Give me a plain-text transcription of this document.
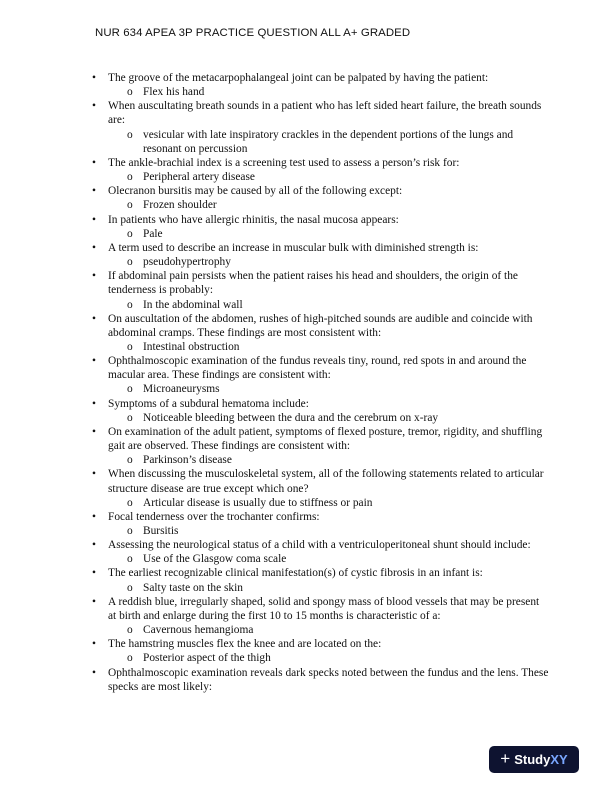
NUR 634 APEA 3P PRACTICE QUESTION ALL A+ GRADED
• The groove of the metacarpophalangeal joint can be palpated by having the patient:
o Flex his hand
• When auscultating breath sounds in a patient who has left sided heart failure, the breath sounds are:
o vesicular with late inspiratory crackles in the dependent portions of the lungs and resonant on percussion
• The ankle-brachial index is a screening test used to assess a person’s risk for:
o Peripheral artery disease
• Olecranon bursitis may be caused by all of the following except:
o Frozen shoulder
• In patients who have allergic rhinitis, the nasal mucosa appears:
o Pale
• A term used to describe an increase in muscular bulk with diminished strength is:
o pseudohypertrophy
• If abdominal pain persists when the patient raises his head and shoulders, the origin of the tenderness is probably:
o In the abdominal wall
• On auscultation of the abdomen, rushes of high-pitched sounds are audible and coincide with abdominal cramps. These findings are most consistent with:
o Intestinal obstruction
• Ophthalmoscopic examination of the fundus reveals tiny, round, red spots in and around the macular area. These findings are consistent with:
o Microaneurysms
• Symptoms of a subdural hematoma include:
o Noticeable bleeding between the dura and the cerebrum on x-ray
• On examination of the adult patient, symptoms of flexed posture, tremor, rigidity, and shuffling gait are observed. These findings are consistent with:
o Parkinson’s disease
• When discussing the musculoskeletal system, all of the following statements related to articular structure disease are true except which one?
o Articular disease is usually due to stiffness or pain
• Focal tenderness over the trochanter confirms:
o Bursitis
• Assessing the neurological status of a child with a ventriculoperitoneal shunt should include:
o Use of the Glasgow coma scale
• The earliest recognizable clinical manifestation(s) of cystic fibrosis in an infant is:
o Salty taste on the skin
• A reddish blue, irregularly shaped, solid and spongy mass of blood vessels that may be present at birth and enlarge during the first 10 to 15 months is characteristic of a:
o Cavernous hemangioma
• The hamstring muscles flex the knee and are located on the:
o Posterior aspect of the thigh
• Ophthalmoscopic examination reveals dark specks noted between the fundus and the lens. These specks are most likely:
+ StudyXY
